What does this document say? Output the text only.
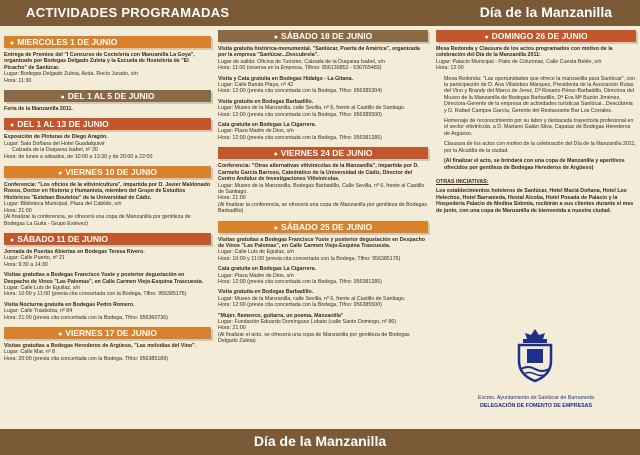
ACTIVIDADES PROGRAMADAS	Día de la Manzanilla
● MIERCOLES 1 DE JUNIO

Entrega de Premios del "I Concurso de Coctelería con Manzanilla La Goya", organizado por Bodegas Delgado Zuleta y la Escuela de Hostelería de "El Picacho" de Sanlúcar.

Lugar: Bodegas Delgado Zuleta, Avda. Rocío Jurado, s/n

Hora: 11:30

● DEL 1 AL 5 DE JUNIO

Feria de la Manzanilla 2011.

● DEL 1 AL 13 DE JUNIO

Exposición de Pinturas de Diego Aragón.

Lugar: Sala Doñana del Hotel Guadalquivir

Calzada de la Duquesa Isabel, nº 20

Hora: de lunes a sábados, de 10:00 a 13:30 y de 20:00 a 22:00

● VIERNES 10 DE JUNIO

Conferencia: "Los oficios de la vitivinicultura", impartida por D. Javier Maldonado Rosso, Doctor en Historia y Humanista, miembro del Grupo de Estudios Históricos "Esteban Boutelou" de la Universidad de Cádiz.

Lugar: Biblioteca Municipal, Plaza del Cabildo, s/n

Hora: 21:00

(Al finalizar la conferencia, se ofrecerá una copa de Manzanilla por gentileza de Bodegas La Guita - Grupo Estévez)

● SÁBADO 11 DE JUNIO

Jornada de Puertas Abiertas en Bodegas Teresa Rivero.

Lugar: Calle Puerto, nº 21

Hora: 9:30 a 14:30

Visitas gratuitas a Bodegas Francisco Yuste y posterior degustación en Despacho de Vinos "Las Palomas", en Calle Carmen Viejo-Esquina Trascuesta.

Lugar: Calle Luis de Eguilaz, s/n

Hora: 10:00 y 11:00 (previa cita concertada con la Bodega, Tlfno: 956385176)

Visita Nocturna gratuita en Bodegas Pedro Romero.

Lugar: Calle Trasbolsa, nº 84

Hora: 21:00 (previa cita concertada con la Bodega, Tlfno: 956360736)

● VIERNES 17 DE JUNIO

Visitas gratuitas a Bodegas Herederos de Argüeso, "Las melodías del Vino".

Lugar: Calle Mar, nº 8

Hora: 20:00 (previa cita concertada con la Bodega, Tlfno: 956385189)

● SÁBADO 18 DE JUNIO

Visita gratuita histórica-monumental, "Sanlúcar, Puerta de América", organizada por la empresa "Sanlúcar...Descubrela".

Lugar de salida: Oficina de Turismo, Calzada de la Duquesa Isabel, s/n

Hora: 11:00 (reserva en la Empresa, Tlfnos: 856130852 - 630765483)

Visita y Cata gratuita en Bodegas Hidalgo - La Gitana.

Lugar: Calle Banda Playa, nº 42

Hora: 12:00 (previa cita concertada con la Bodega, Tlfno: 956385304)

Visita gratuita en Bodegas Barbadillo.

Lugar: Museo de la Manzanilla, calle Sevilla, nº 6, frente al Castillo de Santiago.

Hora: 12:00 (previa cita concertada con la Bodega, Tlfno: 956385500)

Cata gratuita en Bodegas La Cigarrera.

Lugar: Plaza Madre de Dios, s/n

Hora: 12:00 (previa cita concertada con la Bodega, Tlfno: 956381285)

● VIERNES 24 DE JUNIO

Conferencia: "Otras alternativas vitivinícolas de la Manzanilla", impartida por D. Carmelo García Barroso, Catedrático de la Universidad de Cádiz, Director del Centro Andaluz de Investigaciones Vitivinícolas.

Lugar: Museo de la Manzanilla, Bodegas Barbadillo, Calle Sevilla, nº 6, frente al Castillo de Santiago.

Hora: 21:00

(Al finalizar la conferencia, se ofrecerá una copa de Manzanilla por gentileza de Bodegas Barbadillo)

● SÁBADO 25 DE JUNIO

Visitas gratuitas a Bodegas Francisco Yuste y posterior degustación en Despacho de Vinos "Las Palomas", en Calle Carmen Viejo-Esquina Trascuesta.

Lugar: Calle Luis de Eguilaz, s/n

Hora: 10:00 y 11:00 (previa cita concertada con la Bodega, Tlfno: 956385176)

Cata gratuita en Bodegas La Cigarrera.

Lugar: Plaza Madre de Dios, s/n

Hora: 12:00 (previa cita concertada con la Bodega, Tlfno: 956381285)

Visita gratuita en Bodegas Barbadillo.

Lugar: Museo de la Manzanilla, calle Sevilla, nº 6, frente al Castillo de Santiago.

Hora: 12:00 (previa cita concertada con la Bodega, Tlfno: 956385500)

"Mujer, flamenco, guitarra, un poema, Manzanilla"

Lugar: Fundación Eduardo Domínguez Lobato (calle Santo Domingo, nº 86)

Hora: 21:00

(Al finalizar el acto, se ofrecerá una copa de Manzanilla por gentileza de Bodegas Delgado Zuleta)

● DOMINGO 26 DE JUNIO

Mesa Redonda y Clausura de los actos programados con motivo de la celebración del Día de la Manzanilla 2011:

Lugar: Palacio Municipal - Patio de Columnas, Calle Cuesta Belén, s/n

Hora: 12:00

Mesa Redonda: "Las oportunidades que ofrece la manzanilla para Sanlúcar", con la participación de D. Ana Villalobos Márquez, Presidenta de la Asociación Rutas del Vino y Brandy del Marco de Jerez, Dª Rosario Pérez-Barbadillo, Directora del Museo de la Manzanilla de Bodegas Barbadillo, Dª Eva Mª Buzón Jiménez, Directora-Gerente de la empresa de actividades turísticas Sanlúcar...Descúbrela y D. Rafael Campos García, Gerente del Restaurante Bar Los Corrales.

Homenaje de reconocimiento por su labor y destacada trayectoria profesional en el sector vitivinícola, a D. Mariano Galán Silva, Capataz de Bodegas Herederos de Argüeso.

Clausura de los actos con motivo de la celebración del Día de la Manzanilla 2011, por la Alcaldía de la ciudad.

(Al finalizar el acto, se brindará con una copa de Manzanilla y aperitivos ofrecidos por gentileza de Bodegas Herederos de Argüeso)

OTRAS INICIATIVAS:

Los establecimientos hoteleros de Sanlúcar, Hotel Maciá Doñana, Hotel Los Helechos, Hotel Barrameda, Hostal Alcoba, Hotel Posada de Palacio y la Hospedería Palacio de Medina Sidonia, recibirán a sus clientes durante el mes de junio, con una copa de Manzanilla de bienvenida a nuestra ciudad.

Excmo. Ayuntamiento de Sanlúcar de Barrameda
DELEGACIÓN DE FOMENTO DE EMPRESAS
Día de la Manzanilla
